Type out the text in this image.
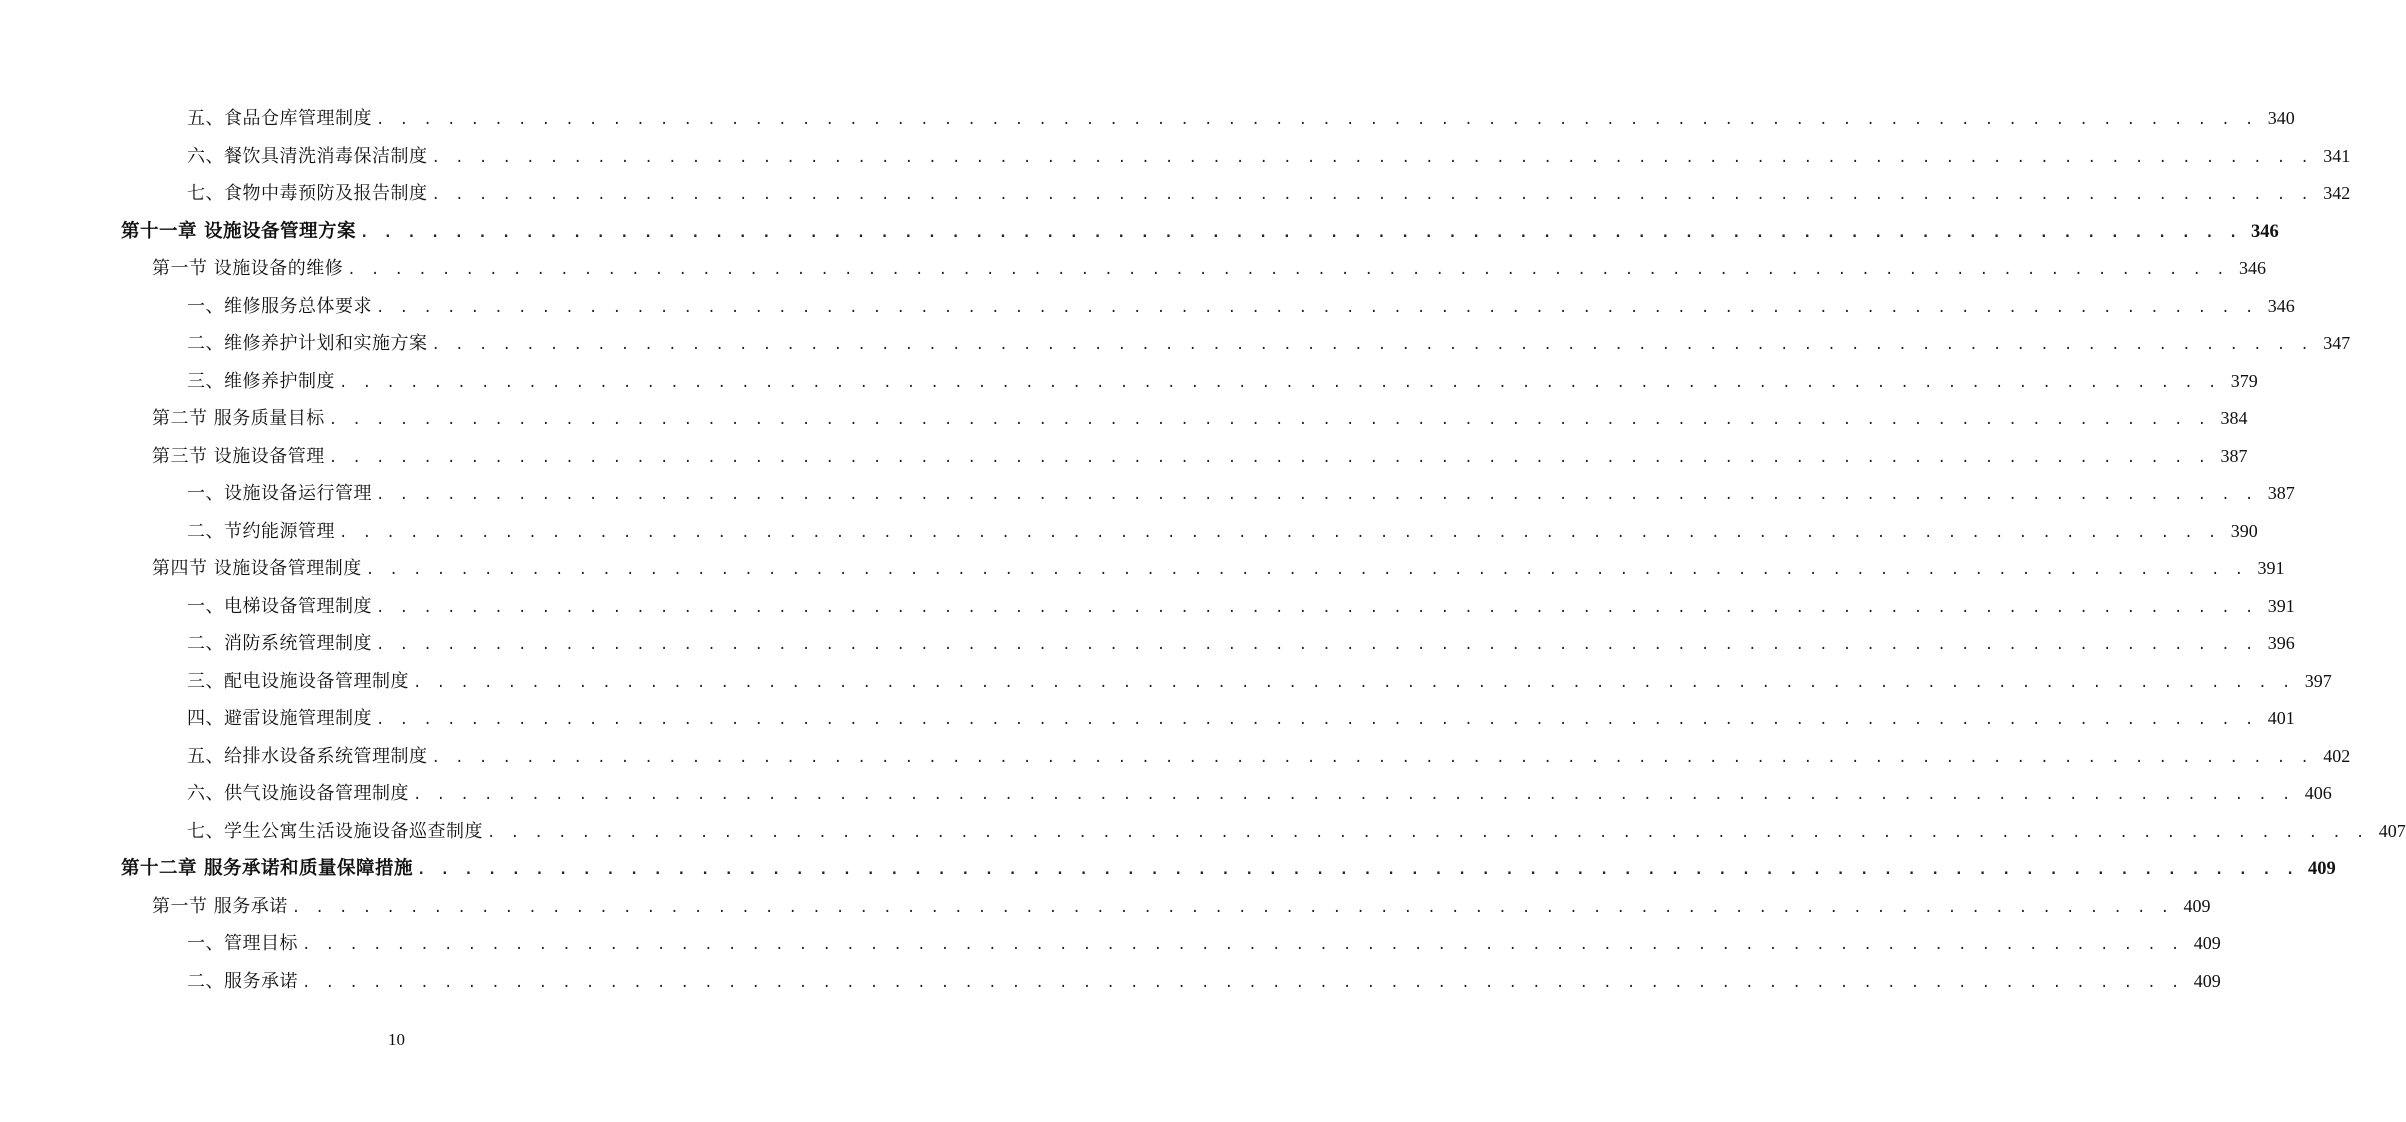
五、食品仓库管理制度 . . . . . . . . . . . . . . . . . . . . . . . . . . . . . . . . . . . . . . . . . . . . . . . . . . . . . . . . . . . . . . . . . . . . . . . . . . . . . . . . 340
六、餐饮具清洗消毒保洁制度 . . . . . . . . . . . . . . . . . . . . . . . . . . . . . . . . . . . . . . . . . . . . . . . . . . . . . . . . . . . . . . . . . . . . . . . . . . . . . . . . 341
七、食物中毒预防及报告制度 . . . . . . . . . . . . . . . . . . . . . . . . . . . . . . . . . . . . . . . . . . . . . . . . . . . . . . . . . . . . . . . . . . . . . . . . . . . . . . . . 342
第十一章 设施设备管理方案 . . . . . . . . . . . . . . . . . . . . . . . . . . . . . . . . . . . . . . . . . . . . . . . . . . . . . . . . . . . . . . . . . . . . . . . . . . . . . . . . 346
第一节 设施设备的维修 . . . . . . . . . . . . . . . . . . . . . . . . . . . . . . . . . . . . . . . . . . . . . . . . . . . . . . . . . . . . . . . . . . . . . . . . . . . . . . . . 346
一、维修服务总体要求 . . . . . . . . . . . . . . . . . . . . . . . . . . . . . . . . . . . . . . . . . . . . . . . . . . . . . . . . . . . . . . . . . . . . . . . . . . . . . . . . 346
二、维修养护计划和实施方案 . . . . . . . . . . . . . . . . . . . . . . . . . . . . . . . . . . . . . . . . . . . . . . . . . . . . . . . . . . . . . . . . . . . . . . . . . . . . . . . . 347
三、维修养护制度 . . . . . . . . . . . . . . . . . . . . . . . . . . . . . . . . . . . . . . . . . . . . . . . . . . . . . . . . . . . . . . . . . . . . . . . . . . . . . . . . 379
第二节 服务质量目标 . . . . . . . . . . . . . . . . . . . . . . . . . . . . . . . . . . . . . . . . . . . . . . . . . . . . . . . . . . . . . . . . . . . . . . . . . . . . . . . . 384
第三节 设施设备管理 . . . . . . . . . . . . . . . . . . . . . . . . . . . . . . . . . . . . . . . . . . . . . . . . . . . . . . . . . . . . . . . . . . . . . . . . . . . . . . . . 387
一、设施设备运行管理 . . . . . . . . . . . . . . . . . . . . . . . . . . . . . . . . . . . . . . . . . . . . . . . . . . . . . . . . . . . . . . . . . . . . . . . . . . . . . . . . 387
二、节约能源管理 . . . . . . . . . . . . . . . . . . . . . . . . . . . . . . . . . . . . . . . . . . . . . . . . . . . . . . . . . . . . . . . . . . . . . . . . . . . . . . . . 390
第四节 设施设备管理制度 . . . . . . . . . . . . . . . . . . . . . . . . . . . . . . . . . . . . . . . . . . . . . . . . . . . . . . . . . . . . . . . . . . . . . . . . . . . . . . . . 391
一、电梯设备管理制度 . . . . . . . . . . . . . . . . . . . . . . . . . . . . . . . . . . . . . . . . . . . . . . . . . . . . . . . . . . . . . . . . . . . . . . . . . . . . . . . . 391
二、消防系统管理制度 . . . . . . . . . . . . . . . . . . . . . . . . . . . . . . . . . . . . . . . . . . . . . . . . . . . . . . . . . . . . . . . . . . . . . . . . . . . . . . . . 396
三、配电设施设备管理制度 . . . . . . . . . . . . . . . . . . . . . . . . . . . . . . . . . . . . . . . . . . . . . . . . . . . . . . . . . . . . . . . . . . . . . . . . . . . . . . . . 397
四、避雷设施管理制度 . . . . . . . . . . . . . . . . . . . . . . . . . . . . . . . . . . . . . . . . . . . . . . . . . . . . . . . . . . . . . . . . . . . . . . . . . . . . . . . . 401
五、给排水设备系统管理制度 . . . . . . . . . . . . . . . . . . . . . . . . . . . . . . . . . . . . . . . . . . . . . . . . . . . . . . . . . . . . . . . . . . . . . . . . . . . . . . . . 402
六、供气设施设备管理制度 . . . . . . . . . . . . . . . . . . . . . . . . . . . . . . . . . . . . . . . . . . . . . . . . . . . . . . . . . . . . . . . . . . . . . . . . . . . . . . . . 406
七、学生公寓生活设施设备巡查制度 . . . . . . . . . . . . . . . . . . . . . . . . . . . . . . . . . . . . . . . . . . . . . . . . . . . . . . . . . . . . . . . . . . . . . . . . . . . . . . . . 407
第十二章 服务承诺和质量保障措施 . . . . . . . . . . . . . . . . . . . . . . . . . . . . . . . . . . . . . . . . . . . . . . . . . . . . . . . . . . . . . . . . . . . . . . . . . . . . . . . . 409
第一节 服务承诺 . . . . . . . . . . . . . . . . . . . . . . . . . . . . . . . . . . . . . . . . . . . . . . . . . . . . . . . . . . . . . . . . . . . . . . . . . . . . . . . . 409
一、管理目标 . . . . . . . . . . . . . . . . . . . . . . . . . . . . . . . . . . . . . . . . . . . . . . . . . . . . . . . . . . . . . . . . . . . . . . . . . . . . . . . . 409
二、服务承诺 . . . . . . . . . . . . . . . . . . . . . . . . . . . . . . . . . . . . . . . . . . . . . . . . . . . . . . . . . . . . . . . . . . . . . . . . . . . . . . . . 409
10
